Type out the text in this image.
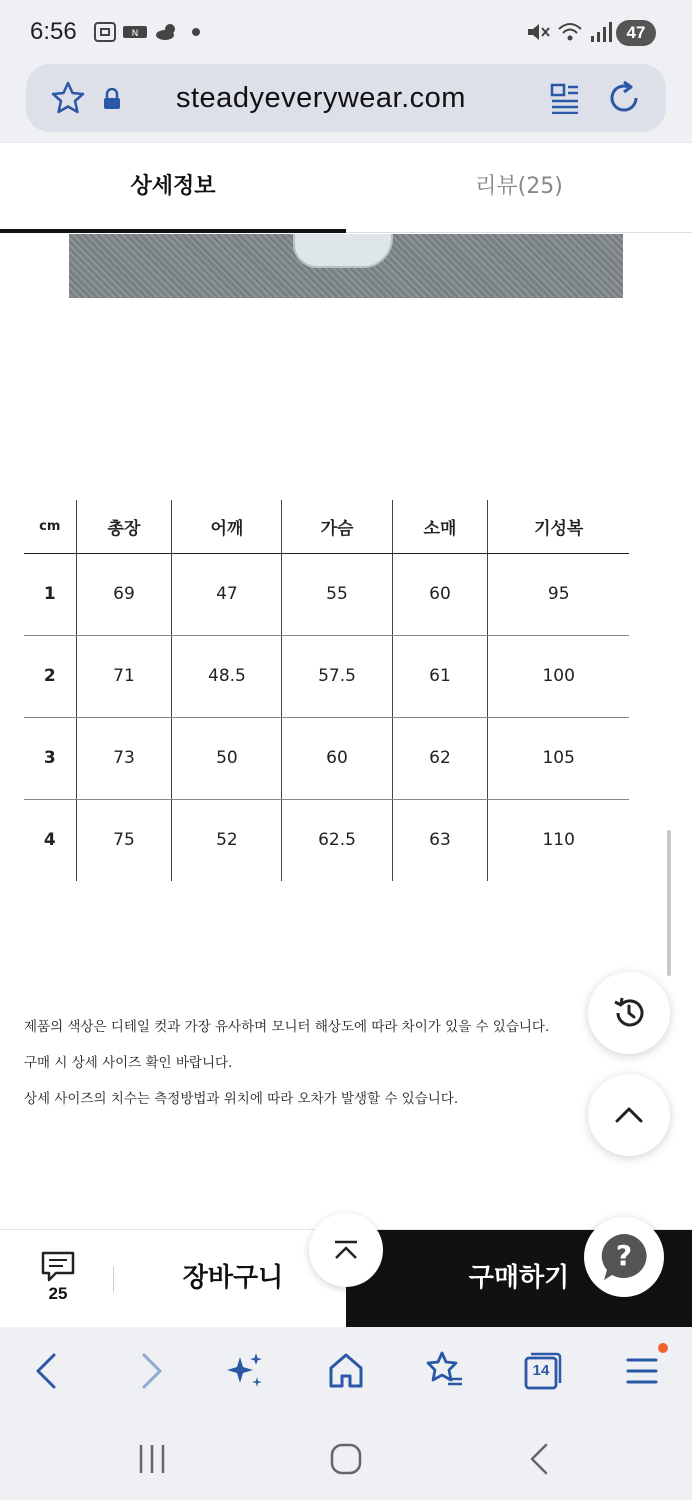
6:56	N	47
steadyeverywear.com
상세정보	리뷰(25)
cm	총장	어깨	가슴	소매	기성복
1	69	47	55	60	95
2	71	48.5	57.5	61	100
3	73	50	60	62	105
4	75	52	62.5	63	110
제품의 색상은 디테일 컷과 가장 유사하며 모니터 해상도에 따라 차이가 있을 수 있습니다.
구매 시 상세 사이즈 확인 바랍니다.
상세 사이즈의 치수는 측정방법과 위치에 따라 오차가 발생할 수 있습니다.
25
장바구니	구매하기
?
14
